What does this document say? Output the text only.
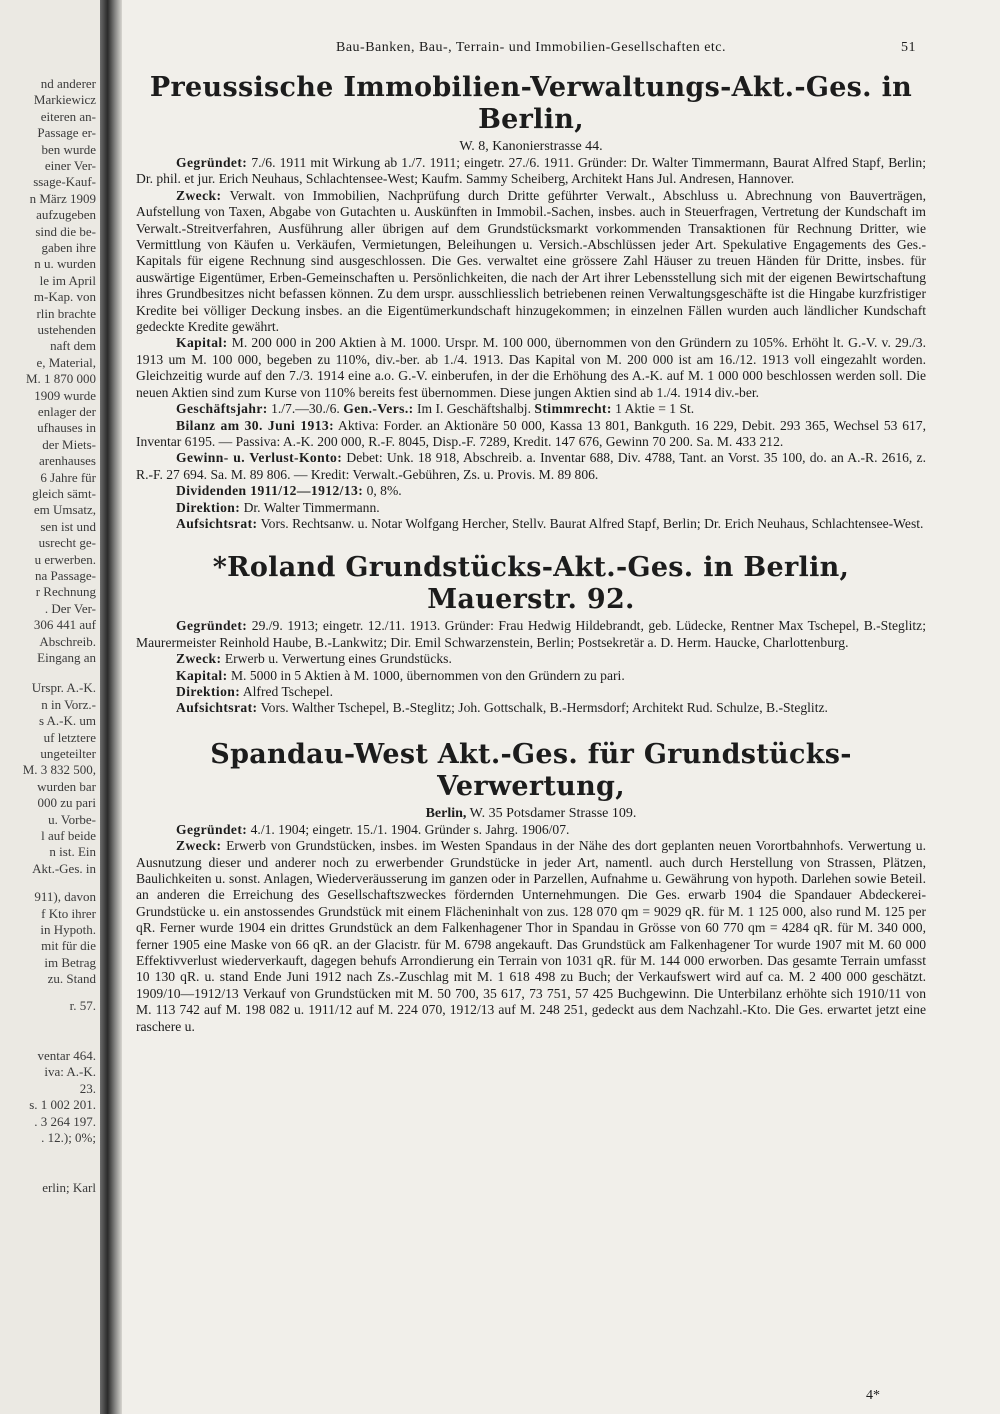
nd anderer
Markiewicz
eiteren an-
Passage er-
ben wurde
einer Ver-
ssage-Kauf-
n März 1909
aufzugeben
sind die be-
gaben ihre
n u. wurden
le im April
m-Kap. von
rlin brachte
ustehenden
naft dem
e, Material,
M. 1 870 000
1909 wurde
enlager der
ufhauses in
der Miets-
arenhauses
6 Jahre für
gleich sämt-
em Umsatz,
sen ist und
usrecht ge-
u erwerben.
na Passage-
r Rechnung
. Der Ver-
306 441 auf
Abschreib.
Eingang an
Urspr. A.-K.
n in Vorz.-
s A.-K. um
uf letztere
ungeteilter
M. 3 832 500,
wurden bar
000 zu pari
u. Vorbe-
l auf beide
n ist. Ein
Akt.-Ges. in
911), davon
f Kto ihrer
in Hypoth.
mit für die
im Betrag
zu. Stand
r. 57.
ventar 464.
iva: A.-K.
23.
s. 1 002 201.
. 3 264 197.
. 12.); 0%;
erlin; Karl
Bau-Banken, Bau-, Terrain- und Immobilien-Gesellschaften etc.	51
Preussische Immobilien-Verwaltungs-Akt.-Ges. in Berlin,
W. 8, Kanonierstrasse 44.

Gegründet: 7./6. 1911 mit Wirkung ab 1./7. 1911; eingetr. 27./6. 1911. Gründer: Dr. Walter Timmermann, Baurat Alfred Stapf, Berlin; Dr. phil. et jur. Erich Neuhaus, Schlachtensee-West; Kaufm. Sammy Scheiberg, Architekt Hans Jul. Andresen, Hannover.

Zweck: Verwalt. von Immobilien, Nachprüfung durch Dritte geführter Verwalt., Abschluss u. Abrechnung von Bauverträgen, Aufstellung von Taxen, Abgabe von Gutachten u. Auskünften in Immobil.-Sachen, insbes. auch in Steuerfragen, Vertretung der Kundschaft im Verwalt.-Streitverfahren, Ausführung aller übrigen auf dem Grundstücksmarkt vorkommenden Transaktionen für Rechnung Dritter, wie Vermittlung von Käufen u. Verkäufen, Vermietungen, Beleihungen u. Versich.-Abschlüssen jeder Art. Spekulative Engagements des Ges.-Kapitals für eigene Rechnung sind ausgeschlossen. Die Ges. verwaltet eine grössere Zahl Häuser zu treuen Händen für Dritte, insbes. für auswärtige Eigentümer, Erben-Gemeinschaften u. Persönlichkeiten, die nach der Art ihrer Lebensstellung sich mit der eigenen Bewirtschaftung ihres Grundbesitzes nicht befassen können. Zu dem urspr. ausschliesslich betriebenen reinen Verwaltungsgeschäfte ist die Hingabe kurzfristiger Kredite bei völliger Deckung insbes. an die Eigentümerkundschaft hinzugekommen; in einzelnen Fällen wurden auch ländlicher Kundschaft gedeckte Kredite gewährt.

Kapital: M. 200 000 in 200 Aktien à M. 1000. Urspr. M. 100 000, übernommen von den Gründern zu 105%. Erhöht lt. G.-V. v. 29./3. 1913 um M. 100 000, begeben zu 110%, div.-ber. ab 1./4. 1913. Das Kapital von M. 200 000 ist am 16./12. 1913 voll eingezahlt worden. Gleichzeitig wurde auf den 7./3. 1914 eine a.o. G.-V. einberufen, in der die Erhöhung des A.-K. auf M. 1 000 000 beschlossen werden soll. Die neuen Aktien sind zum Kurse von 110% bereits fest übernommen. Diese jungen Aktien sind ab 1./4. 1914 div.-ber.

Geschäftsjahr: 1./7.—30./6. Gen.-Vers.: Im I. Geschäftshalbj. Stimmrecht: 1 Aktie = 1 St.

Bilanz am 30. Juni 1913: Aktiva: Forder. an Aktionäre 50 000, Kassa 13 801, Bankguth. 16 229, Debit. 293 365, Wechsel 53 617, Inventar 6195. — Passiva: A.-K. 200 000, R.-F. 8045, Disp.-F. 7289, Kredit. 147 676, Gewinn 70 200. Sa. M. 433 212.

Gewinn- u. Verlust-Konto: Debet: Unk. 18 918, Abschreib. a. Inventar 688, Div. 4788, Tant. an Vorst. 35 100, do. an A.-R. 2616, z. R.-F. 27 694. Sa. M. 89 806. — Kredit: Verwalt.-Gebühren, Zs. u. Provis. M. 89 806.

Dividenden 1911/12—1912/13: 0, 8%.

Direktion: Dr. Walter Timmermann.

Aufsichtsrat: Vors. Rechtsanw. u. Notar Wolfgang Hercher, Stellv. Baurat Alfred Stapf, Berlin; Dr. Erich Neuhaus, Schlachtensee-West.

*Roland Grundstücks-Akt.-Ges. in Berlin, Mauerstr. 92.

Gegründet: 29./9. 1913; eingetr. 12./11. 1913. Gründer: Frau Hedwig Hildebrandt, geb. Lüdecke, Rentner Max Tschepel, B.-Steglitz; Maurermeister Reinhold Haube, B.-Lankwitz; Dir. Emil Schwarzenstein, Berlin; Postsekretär a. D. Herm. Haucke, Charlottenburg.

Zweck: Erwerb u. Verwertung eines Grundstücks.

Kapital: M. 5000 in 5 Aktien à M. 1000, übernommen von den Gründern zu pari.

Direktion: Alfred Tschepel.

Aufsichtsrat: Vors. Walther Tschepel, B.-Steglitz; Joh. Gottschalk, B.-Hermsdorf; Architekt Rud. Schulze, B.-Steglitz.

Spandau-West Akt.-Ges. für Grundstücks-Verwertung,
Berlin, W. 35 Potsdamer Strasse 109.

Gegründet: 4./1. 1904; eingetr. 15./1. 1904. Gründer s. Jahrg. 1906/07.

Zweck: Erwerb von Grundstücken, insbes. im Westen Spandaus in der Nähe des dort geplanten neuen Vorortbahnhofs. Verwertung u. Ausnutzung dieser und anderer noch zu erwerbender Grundstücke in jeder Art, namentl. auch durch Herstellung von Strassen, Plätzen, Baulichkeiten u. sonst. Anlagen, Wiederveräusserung im ganzen oder in Parzellen, Aufnahme u. Gewährung von hypoth. Darlehen sowie Beteil. an anderen die Erreichung des Gesellschaftszweckes fördernden Unternehmungen. Die Ges. erwarb 1904 die Spandauer Abdeckerei-Grundstücke u. ein anstossendes Grundstück mit einem Flächeninhalt von zus. 128 070 qm = 9029 qR. für M. 1 125 000, also rund M. 125 per qR. Ferner wurde 1904 ein drittes Grundstück an dem Falkenhagener Thor in Spandau in Grösse von 60 770 qm = 4284 qR. für M. 340 000, ferner 1905 eine Maske von 66 qR. an der Glacistr. für M. 6798 angekauft. Das Grundstück am Falkenhagener Tor wurde 1907 mit M. 60 000 Effektivverlust wiederverkauft, dagegen behufs Arrondierung ein Terrain von 1031 qR. für M. 144 000 erworben. Das gesamte Terrain umfasst 10 130 qR. u. stand Ende Juni 1912 nach Zs.-Zuschlag mit M. 1 618 498 zu Buch; der Verkaufswert wird auf ca. M. 2 400 000 geschätzt. 1909/10—1912/13 Verkauf von Grundstücken mit M. 50 700, 35 617, 73 751, 57 425 Buchgewinn. Die Unterbilanz erhöhte sich 1910/11 von M. 113 742 auf M. 198 082 u. 1911/12 auf M. 224 070, 1912/13 auf M. 248 251, gedeckt aus dem Nachzahl.-Kto. Die Ges. erwartet jetzt eine raschere u.

4*
